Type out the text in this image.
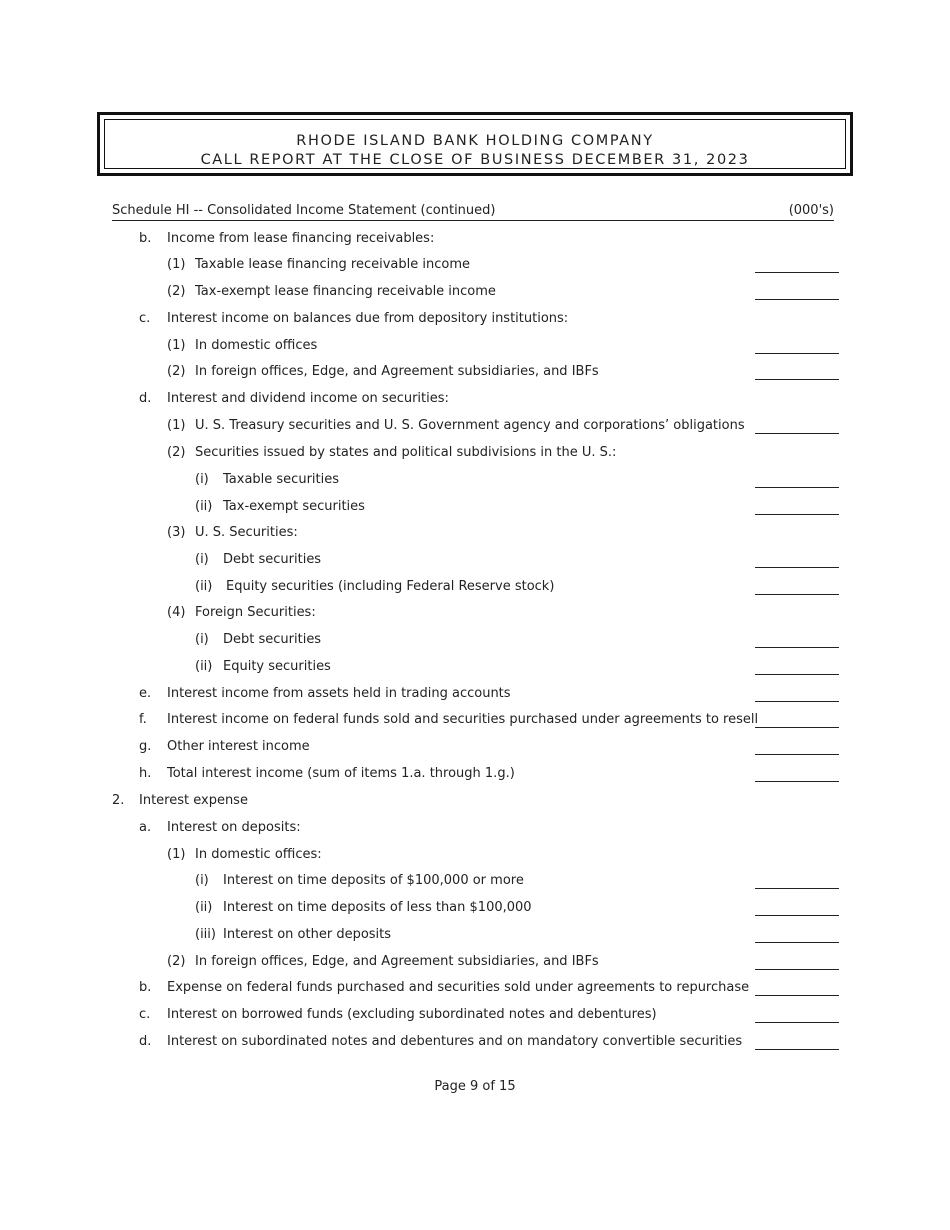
RHODE ISLAND BANK HOLDING COMPANY
CALL REPORT AT THE CLOSE OF BUSINESS DECEMBER 31, 2023
Schedule HI -- Consolidated Income Statement (continued)	(000's)
b. Income from lease financing receivables:
(1) Taxable lease financing receivable income
(2) Tax-exempt lease financing receivable income
c. Interest income on balances due from depository institutions:
(1) In domestic offices
(2) In foreign offices, Edge, and Agreement subsidiaries, and IBFs
d. Interest and dividend income on securities:
(1) U. S. Treasury securities and U. S. Government agency and corporations’ obligations
(2) Securities issued by states and political subdivisions in the U. S.:
(i) Taxable securities
(ii) Tax-exempt securities
(3) U. S. Securities:
(i) Debt securities
(ii) Equity securities (including Federal Reserve stock)
(4) Foreign Securities:
(i) Debt securities
(ii) Equity securities
e. Interest income from assets held in trading accounts
f. Interest income on federal funds sold and securities purchased under agreements to resell
g. Other interest income
h. Total interest income (sum of items 1.a. through 1.g.)
2. Interest expense
a. Interest on deposits:
(1) In domestic offices:
(i) Interest on time deposits of $100,000 or more
(ii) Interest on time deposits of less than $100,000
(iii) Interest on other deposits
(2) In foreign offices, Edge, and Agreement subsidiaries, and IBFs
b. Expense on federal funds purchased and securities sold under agreements to repurchase
c. Interest on borrowed funds (excluding subordinated notes and debentures)
d. Interest on subordinated notes and debentures and on mandatory convertible securities
Page 9 of 15
